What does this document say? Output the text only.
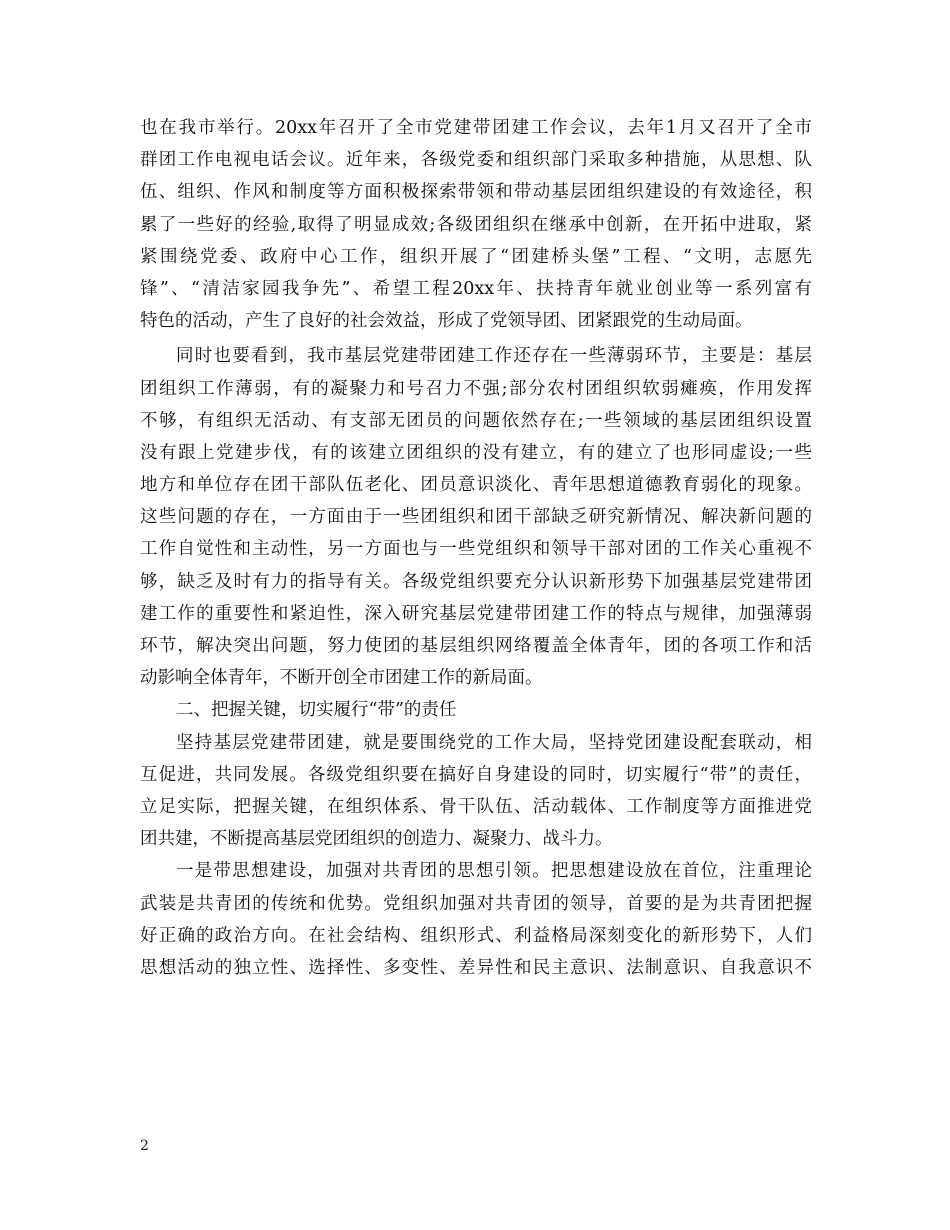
也在我市举行。20xx年召开了全市党建带团建工作会议，去年1月又召开了全市
群团工作电视电话会议。近年来，各级党委和组织部门采取多种措施，从思想、队
伍、组织、作风和制度等方面积极探索带领和带动基层团组织建设的有效途径，积
累了一些好的经验,取得了明显成效;各级团组织在继承中创新，在开拓中进取，紧
紧围绕党委、政府中心工作，组织开展了“团建桥头堡”工程、“文明，志愿先
锋”、“清洁家园我争先”、希望工程20xx年、扶持青年就业创业等一系列富有
特色的活动，产生了良好的社会效益，形成了党领导团、团紧跟党的生动局面。
同时也要看到，我市基层党建带团建工作还存在一些薄弱环节，主要是：基层
团组织工作薄弱，有的凝聚力和号召力不强;部分农村团组织软弱瘫痪，作用发挥
不够，有组织无活动、有支部无团员的问题依然存在;一些领域的基层团组织设置
没有跟上党建步伐，有的该建立团组织的没有建立，有的建立了也形同虚设;一些
地方和单位存在团干部队伍老化、团员意识淡化、青年思想道德教育弱化的现象。
这些问题的存在，一方面由于一些团组织和团干部缺乏研究新情况、解决新问题的
工作自觉性和主动性，另一方面也与一些党组织和领导干部对团的工作关心重视不
够，缺乏及时有力的指导有关。各级党组织要充分认识新形势下加强基层党建带团
建工作的重要性和紧迫性，深入研究基层党建带团建工作的特点与规律，加强薄弱
环节，解决突出问题，努力使团的基层组织网络覆盖全体青年，团的各项工作和活
动影响全体青年，不断开创全市团建工作的新局面。
二、把握关键，切实履行“带”的责任
坚持基层党建带团建，就是要围绕党的工作大局，坚持党团建设配套联动，相
互促进，共同发展。各级党组织要在搞好自身建设的同时，切实履行“带”的责任，
立足实际，把握关键，在组织体系、骨干队伍、活动载体、工作制度等方面推进党
团共建，不断提高基层党团组织的创造力、凝聚力、战斗力。
一是带思想建设，加强对共青团的思想引领。把思想建设放在首位，注重理论
武装是共青团的传统和优势。党组织加强对共青团的领导，首要的是为共青团把握
好正确的政治方向。在社会结构、组织形式、利益格局深刻变化的新形势下，人们
思想活动的独立性、选择性、多变性、差异性和民主意识、法制意识、自我意识不
2
